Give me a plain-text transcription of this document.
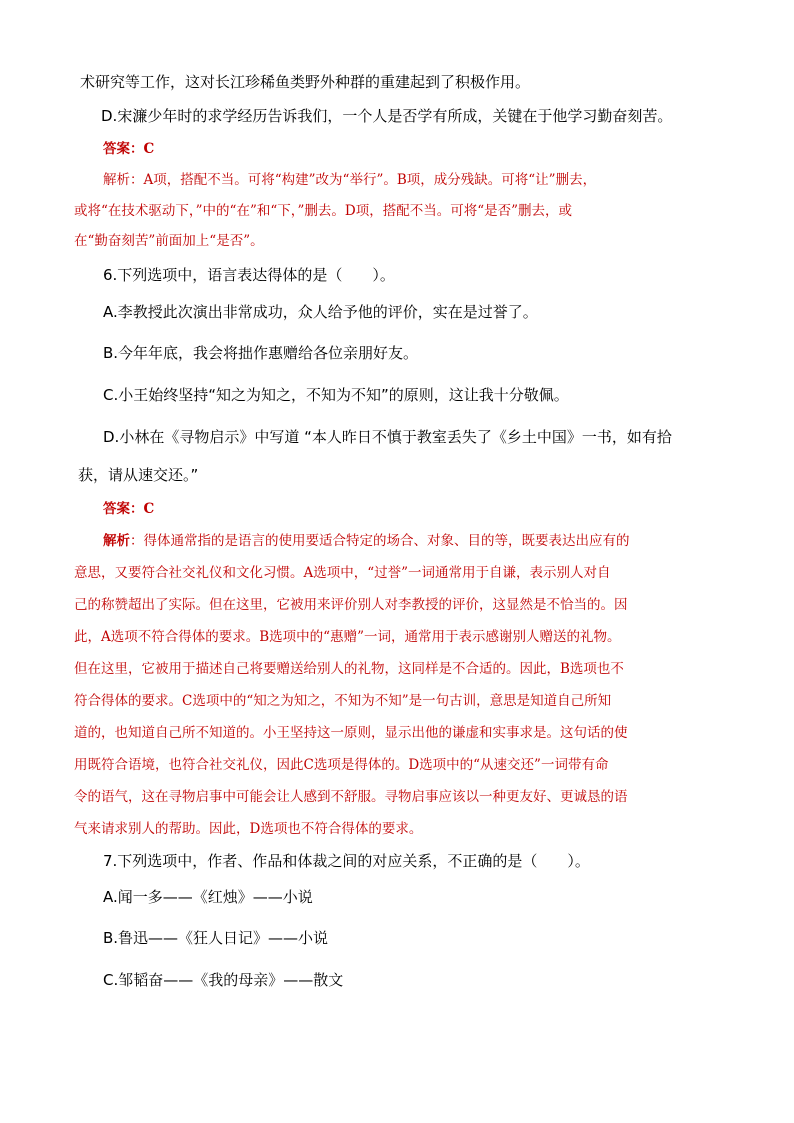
术研究等工作，这对长江珍稀鱼类野外种群的重建起到了积极作用。
D.宋濂少年时的求学经历告诉我们，一个人是否学有所成，关键在于他学习勤奋刻苦。
答案：C
解析：A项，搭配不当。可将“构建”改为“举行”。B项，成分残缺。可将“让”删去，
或将“在技术驱动下，”中的“在”和“下，”删去。D项，搭配不当。可将“是否”删去，或
在“勤奋刻苦”前面加上“是否”。
6.下列选项中，语言表达得体的是（　　）。
A.李教授此次演出非常成功，众人给予他的评价，实在是过誉了。
B.今年年底，我会将拙作惠赠给各位亲朋好友。
C.小王始终坚持“知之为知之，不知为不知”的原则，这让我十分敬佩。
D.小林在《寻物启示》中写道 “本人昨日不慎于教室丢失了《乡土中国》一书，如有拾
获，请从速交还。”
答案：C
解析：得体通常指的是语言的使用要适合特定的场合、对象、目的等，既要表达出应有的
意思，又要符合社交礼仪和文化习惯。A选项中，“过誉”一词通常用于自谦，表示别人对自
己的称赞超出了实际。但在这里，它被用来评价别人对李教授的评价，这显然是不恰当的。因
此，A选项不符合得体的要求。B选项中的“惠赠”一词，通常用于表示感谢别人赠送的礼物。
但在这里，它被用于描述自己将要赠送给别人的礼物，这同样是不合适的。因此，B选项也不
符合得体的要求。C选项中的“知之为知之，不知为不知”是一句古训，意思是知道自己所知
道的，也知道自己所不知道的。小王坚持这一原则，显示出他的谦虚和实事求是。这句话的使
用既符合语境，也符合社交礼仪，因此C选项是得体的。D选项中的“从速交还”一词带有命
令的语气，这在寻物启事中可能会让人感到不舒服。寻物启事应该以一种更友好、更诚恳的语
气来请求别人的帮助。因此，D选项也不符合得体的要求。
7.下列选项中，作者、作品和体裁之间的对应关系，不正确的是（　　）。
A.闻一多——《红烛》——小说
B.鲁迅——《狂人日记》——小说
C.邹韬奋——《我的母亲》——散文
